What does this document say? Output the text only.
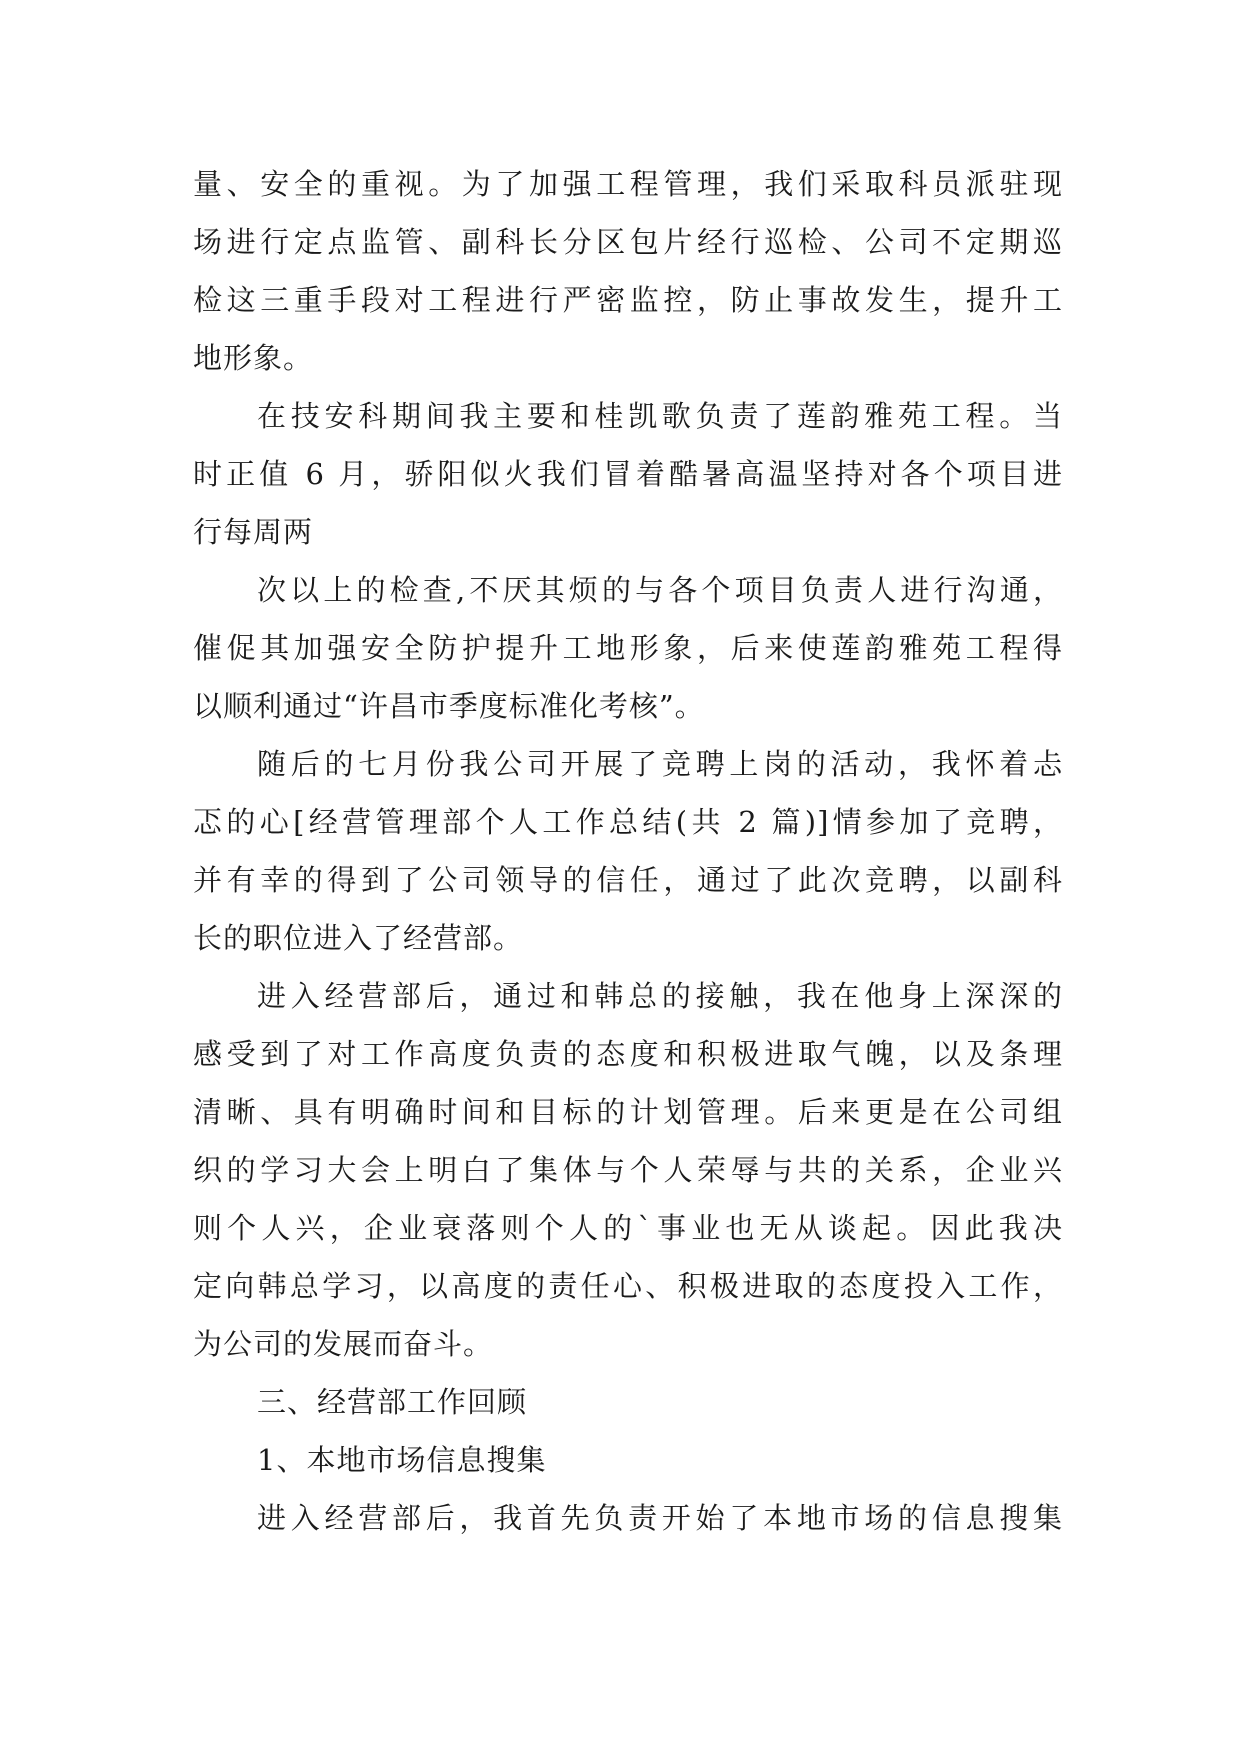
量、安全的重视。为了加强工程管理，我们采取科员派驻现
场进行定点监管、副科长分区包片经行巡检、公司不定期巡
检这三重手段对工程进行严密监控，防止事故发生，提升工
地形象。
在技安科期间我主要和桂凯歌负责了莲韵雅苑工程。当
时正值 6 月，骄阳似火我们冒着酷暑高温坚持对各个项目进
行每周两
次以上的检查,不厌其烦的与各个项目负责人进行沟通，
催促其加强安全防护提升工地形象，后来使莲韵雅苑工程得
以顺利通过“许昌市季度标准化考核”。
随后的七月份我公司开展了竞聘上岗的活动，我怀着忐
忑的心[经营管理部个人工作总结(共 2 篇)]情参加了竞聘，
并有幸的得到了公司领导的信任，通过了此次竞聘，以副科
长的职位进入了经营部。
进入经营部后，通过和韩总的接触，我在他身上深深的
感受到了对工作高度负责的态度和积极进取气魄，以及条理
清晰、具有明确时间和目标的计划管理。后来更是在公司组
织的学习大会上明白了集体与个人荣辱与共的关系，企业兴
则个人兴，企业衰落则个人的`事业也无从谈起。因此我决
定向韩总学习，以高度的责任心、积极进取的态度投入工作，
为公司的发展而奋斗。
三、经营部工作回顾
1、本地市场信息搜集
进入经营部后，我首先负责开始了本地市场的信息搜集
